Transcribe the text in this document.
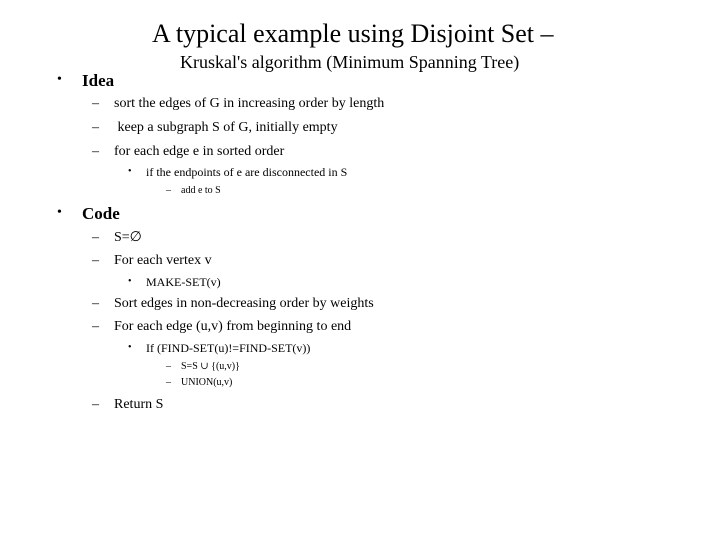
A typical example using Disjoint Set –
Kruskal's algorithm (Minimum Spanning Tree)
• Idea
– sort the edges of G in increasing order by length
– keep a subgraph S of G, initially empty
– for each edge e in sorted order
• if the endpoints of e are disconnected in S
– add e to S
• Code
– S=∅
– For each vertex v
• MAKE-SET(v)
– Sort edges in non-decreasing order by weights
– For each edge (u,v) from beginning to end
• If (FIND-SET(u)!=FIND-SET(v))
– S=S ∪ {(u,v)}
– UNION(u,v)
– Return S
